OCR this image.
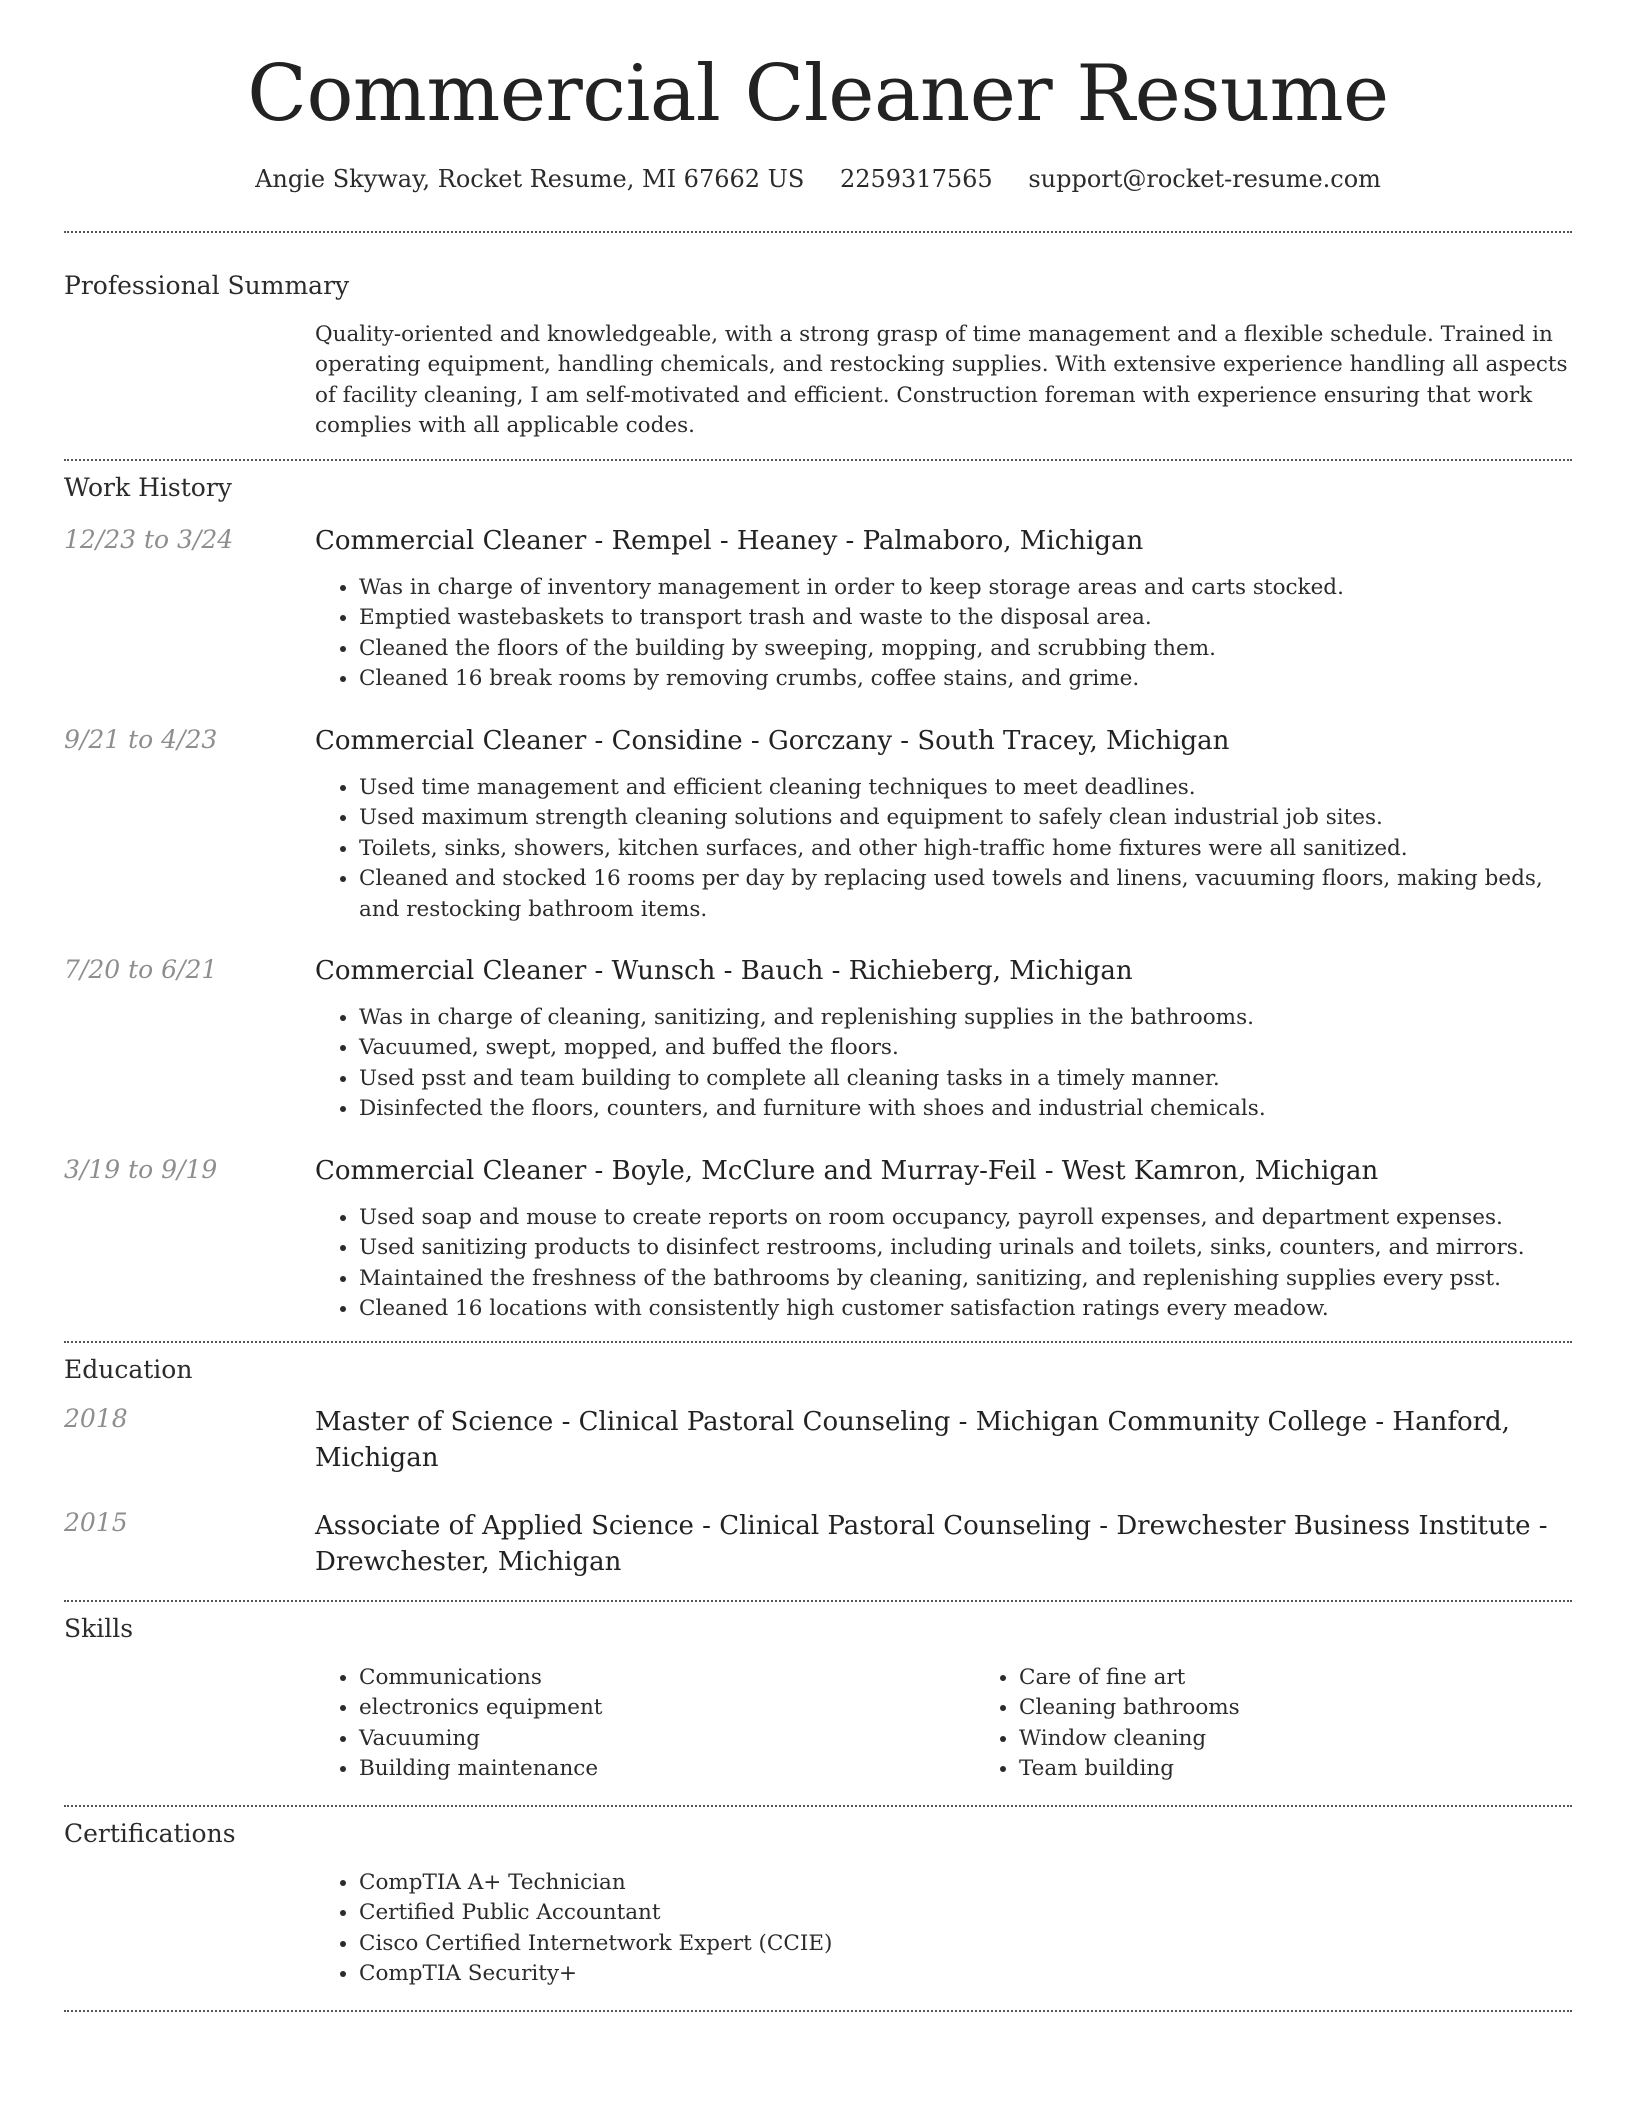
Commercial Cleaner Resume
Angie Skyway, Rocket Resume, MI 67662 US 2259317565 support@rocket-resume.com
Professional Summary

Quality-oriented and knowledgeable, with a strong grasp of time management and a flexible schedule. Trained in operating equipment, handling chemicals, and restocking supplies. With extensive experience handling all aspects of facility cleaning, I am self-motivated and efficient. Construction foreman with experience ensuring that work complies with all applicable codes.

Work History
12/23 to 3/24	Commercial Cleaner - Rempel - Heaney - Palmaboro, Michigan
• Was in charge of inventory management in order to keep storage areas and carts stocked.
• Emptied wastebaskets to transport trash and waste to the disposal area.
• Cleaned the floors of the building by sweeping, mopping, and scrubbing them.
• Cleaned 16 break rooms by removing crumbs, coffee stains, and grime.
9/21 to 4/23	Commercial Cleaner - Considine - Gorczany - South Tracey, Michigan
• Used time management and efficient cleaning techniques to meet deadlines.
• Used maximum strength cleaning solutions and equipment to safely clean industrial job sites.
• Toilets, sinks, showers, kitchen surfaces, and other high-traffic home fixtures were all sanitized.
• Cleaned and stocked 16 rooms per day by replacing used towels and linens, vacuuming floors, making beds, and restocking bathroom items.
7/20 to 6/21	Commercial Cleaner - Wunsch - Bauch - Richieberg, Michigan
• Was in charge of cleaning, sanitizing, and replenishing supplies in the bathrooms.
• Vacuumed, swept, mopped, and buffed the floors.
• Used psst and team building to complete all cleaning tasks in a timely manner.
• Disinfected the floors, counters, and furniture with shoes and industrial chemicals.
3/19 to 9/19	Commercial Cleaner - Boyle, McClure and Murray-Feil - West Kamron, Michigan
• Used soap and mouse to create reports on room occupancy, payroll expenses, and department expenses.
• Used sanitizing products to disinfect restrooms, including urinals and toilets, sinks, counters, and mirrors.
• Maintained the freshness of the bathrooms by cleaning, sanitizing, and replenishing supplies every psst.
• Cleaned 16 locations with consistently high customer satisfaction ratings every meadow.
Education
2018	Master of Science - Clinical Pastoral Counseling - Michigan Community College - Hanford, Michigan
2015	Associate of Applied Science - Clinical Pastoral Counseling - Drewchester Business Institute - Drewchester, Michigan
Skills
• Communications
• electronics equipment
• Vacuuming
• Building maintenance
• Care of fine art
• Cleaning bathrooms
• Window cleaning
• Team building
Certifications
• CompTIA A+ Technician
• Certified Public Accountant
• Cisco Certified Internetwork Expert (CCIE)
• CompTIA Security+
